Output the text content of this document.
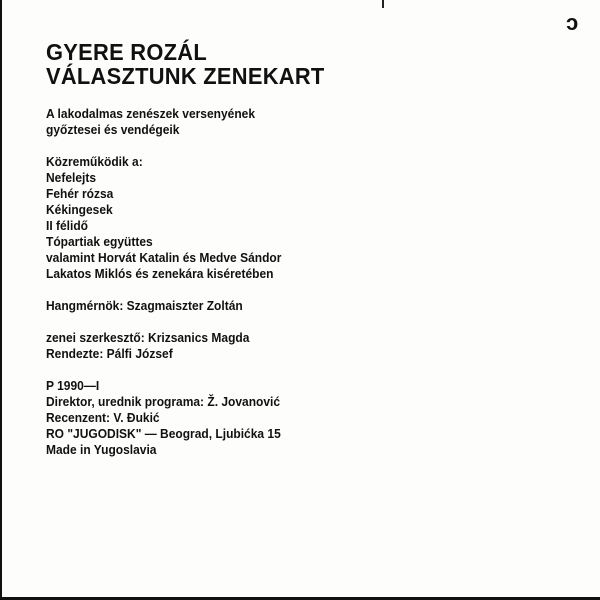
c
GYERE ROZÁL
VÁLASZTUNK ZENEKART
A lakodalmas zenészek versenyének
győztesei és vendégeik
Közreműködik a:
Nefelejts
Fehér rózsa
Kékingesek
II félidő
Tópartiak együttes
valamint Horvát Katalin és Medve Sándor
Lakatos Miklós és zenekára kiséretében
Hangmérnök: Szagmaiszter Zoltán
zenei szerkesztő: Krizsanics Magda
Rendezte: Pálfi József
P 1990—I
Direktor, urednik programa: Ž. Jovanović
Recenzent: V. Đukić
RO "JUGODISK" — Beograd, Ljubićka 15
Made in Yugoslavia
